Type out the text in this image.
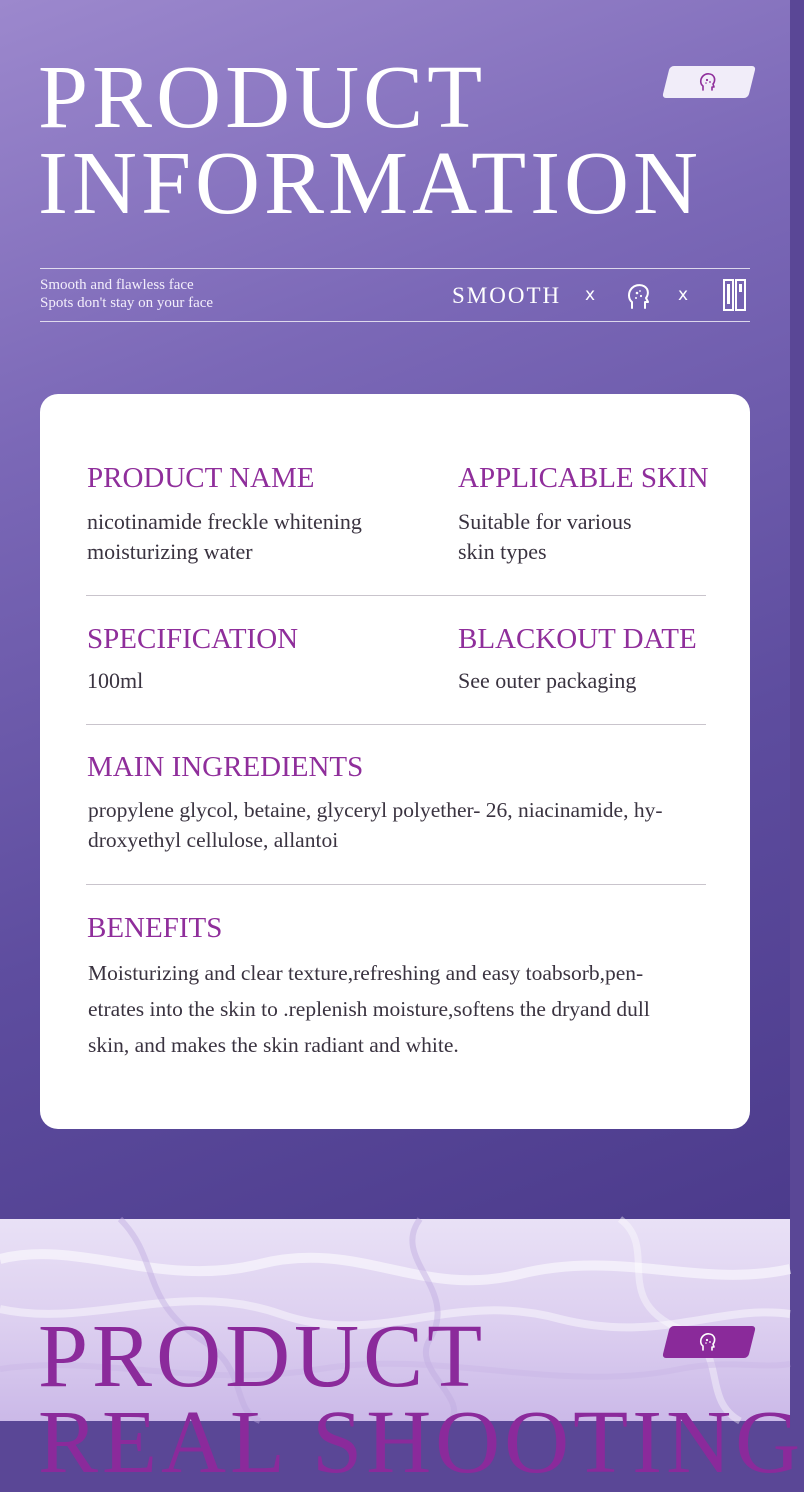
PRODUCT
INFORMATION
Smooth and flawless face
Spots don't stay on your face	SMOOTH x	x
PRODUCT NAME
nicotinamide freckle whitening
moisturizing water
APPLICABLE SKIN
Suitable for various
skin types
SPECIFICATION
100ml
BLACKOUT DATE
See outer packaging
MAIN INGREDIENTS
propylene glycol, betaine, glyceryl polyether- 26, niacinamide, hy-
droxyethyl cellulose, allantoi
BENEFITS
Moisturizing and clear texture,refreshing and easy toabsorb,pen-
etrates into the skin to .replenish moisture,softens the dryand dull
skin, and makes the skin radiant and white.
PRODUCT
REAL SHOOTING
